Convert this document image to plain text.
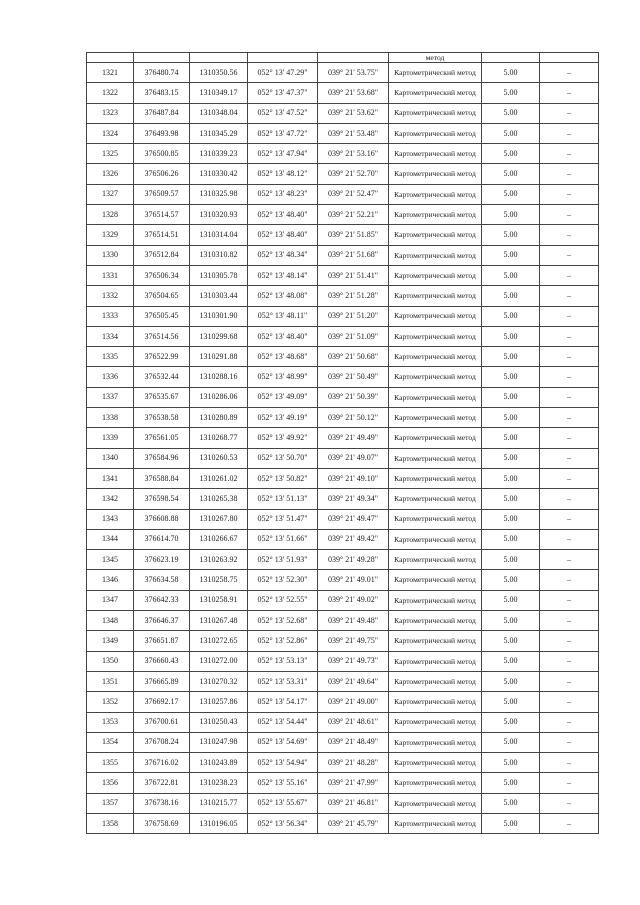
					метод		

1321	376480.74	1310350.56	052° 13' 47.29"	039° 21' 53.75"	Картометрический метод	5.00	–
1322	376483.15	1310349.17	052° 13' 47.37"	039° 21' 53.68"	Картометрический метод	5.00	–
1323	376487.84	1310348.04	052° 13' 47.52"	039° 21' 53.62"	Картометрический метод	5.00	–
1324	376493.98	1310345.29	052° 13' 47.72"	039° 21' 53.48"	Картометрический метод	5.00	–
1325	376500.85	1310339.23	052° 13' 47.94"	039° 21' 53.16"	Картометрический метод	5.00	–
1326	376506.26	1310330.42	052° 13' 48.12"	039° 21' 52.70"	Картометрический метод	5.00	–
1327	376509.57	1310325.98	052° 13' 48.23"	039° 21' 52.47"	Картометрический метод	5.00	–
1328	376514.57	1310320.93	052° 13' 48.40"	039° 21' 52.21"	Картометрический метод	5.00	–
1329	376514.51	1310314.04	052° 13' 48.40"	039° 21' 51.85"	Картометрический метод	5.00	–
1330	376512.84	1310310.82	052° 13' 48.34"	039° 21' 51.68"	Картометрический метод	5.00	–
1331	376506.34	1310305.78	052° 13' 48.14"	039° 21' 51.41"	Картометрический метод	5.00	–
1332	376504.65	1310303.44	052° 13' 48.08"	039° 21' 51.28"	Картометрический метод	5.00	–
1333	376505.45	1310301.90	052° 13' 48.11"	039° 21' 51.20"	Картометрический метод	5.00	–
1334	376514.56	1310299.68	052° 13' 48.40"	039° 21' 51.09"	Картометрический метод	5.00	–
1335	376522.99	1310291.88	052° 13' 48.68"	039° 21' 50.68"	Картометрический метод	5.00	–
1336	376532.44	1310288.16	052° 13' 48.99"	039° 21' 50.49"	Картометрический метод	5.00	–
1337	376535.67	1310286.06	052° 13' 49.09"	039° 21' 50.39"	Картометрический метод	5.00	–
1338	376538.58	1310280.89	052° 13' 49.19"	039° 21' 50.12"	Картометрический метод	5.00	–
1339	376561.05	1310268.77	052° 13' 49.92"	039° 21' 49.49"	Картометрический метод	5.00	–
1340	376584.96	1310260.53	052° 13' 50.70"	039° 21' 49.07"	Картометрический метод	5.00	–
1341	376588.84	1310261.02	052° 13' 50.82"	039° 21' 49.10"	Картометрический метод	5.00	–
1342	376598.54	1310265.38	052° 13' 51.13"	039° 21' 49.34"	Картометрический метод	5.00	–
1343	376608.88	1310267.80	052° 13' 51.47"	039° 21' 49.47"	Картометрический метод	5.00	–
1344	376614.70	1310266.67	052° 13' 51.66"	039° 21' 49.42"	Картометрический метод	5.00	–
1345	376623.19	1310263.92	052° 13' 51.93"	039° 21' 49.28"	Картометрический метод	5.00	–
1346	376634.58	1310258.75	052° 13' 52.30"	039° 21' 49.01"	Картометрический метод	5.00	–
1347	376642.33	1310258.91	052° 13' 52.55"	039° 21' 49.02"	Картометрический метод	5.00	–
1348	376646.37	1310267.48	052° 13' 52.68"	039° 21' 49.48"	Картометрический метод	5.00	–
1349	376651.87	1310272.65	052° 13' 52.86"	039° 21' 49.75"	Картометрический метод	5.00	–
1350	376660.43	1310272.00	052° 13' 53.13"	039° 21' 49.73"	Картометрический метод	5.00	–
1351	376665.89	1310270.32	052° 13' 53.31"	039° 21' 49.64"	Картометрический метод	5.00	–
1352	376692.17	1310257.86	052° 13' 54.17"	039° 21' 49.00"	Картометрический метод	5.00	–
1353	376700.61	1310250.43	052° 13' 54.44"	039° 21' 48.61"	Картометрический метод	5.00	–
1354	376708.24	1310247.98	052° 13' 54.69"	039° 21' 48.49"	Картометрический метод	5.00	–
1355	376716.02	1310243.89	052° 13' 54.94"	039° 21' 48.28"	Картометрический метод	5.00	–
1356	376722.81	1310238.23	052° 13' 55.16"	039° 21' 47.99"	Картометрический метод	5.00	–
1357	376738.16	1310215.77	052° 13' 55.67"	039° 21' 46.81"	Картометрический метод	5.00	–
1358	376758.69	1310196.05	052° 13' 56.34"	039° 21' 45.79"	Картометрический метод	5.00	–
